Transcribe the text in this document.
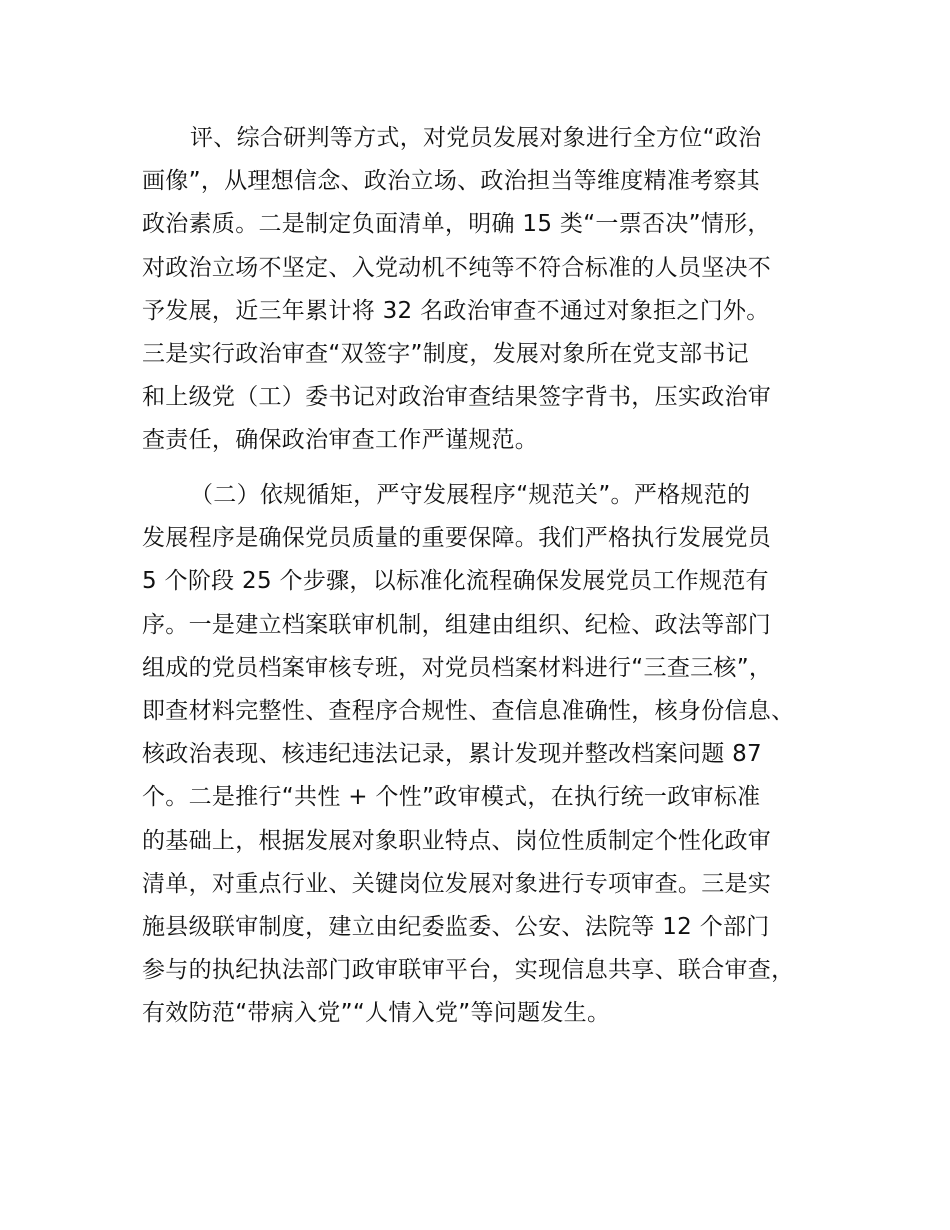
评、综合研判等方式，对党员发展对象进行全方位“政治
画像”，从理想信念、政治立场、政治担当等维度精准考察其
政治素质。二是制定负面清单，明确 15 类“一票否决”情形，
对政治立场不坚定、入党动机不纯等不符合标准的人员坚决不
予发展，近三年累计将 32 名政治审查不通过对象拒之门外。
三是实行政治审查“双签字”制度，发展对象所在党支部书记
和上级党（工）委书记对政治审查结果签字背书，压实政治审
查责任，确保政治审查工作严谨规范。
（二）依规循矩，严守发展程序“规范关”。严格规范的
发展程序是确保党员质量的重要保障。我们严格执行发展党员
5 个阶段 25 个步骤，以标准化流程确保发展党员工作规范有
序。一是建立档案联审机制，组建由组织、纪检、政法等部门
组成的党员档案审核专班，对党员档案材料进行“三查三核”，
即查材料完整性、查程序合规性、查信息准确性，核身份信息、
核政治表现、核违纪违法记录，累计发现并整改档案问题 87
个。二是推行“共性 + 个性”政审模式，在执行统一政审标准
的基础上，根据发展对象职业特点、岗位性质制定个性化政审
清单，对重点行业、关键岗位发展对象进行专项审查。三是实
施县级联审制度，建立由纪委监委、公安、法院等 12 个部门
参与的执纪执法部门政审联审平台，实现信息共享、联合审查，
有效防范“带病入党”“人情入党”等问题发生。
